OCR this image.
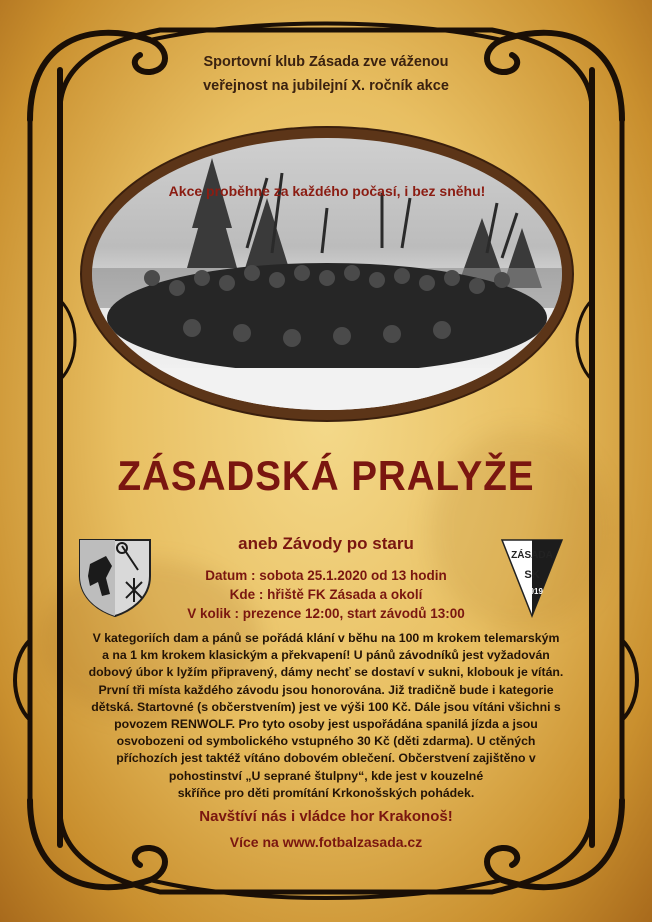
Sportovní klub Zásada zve váženou
veřejnost na jubilejní X. ročník akce
Akce proběhne za každého počasí, i bez sněhu!
ZÁSADSKÁ PRALYŽE
aneb Závody po staru
Datum : sobota 25.1.2020 od 13 hodin
Kde : hřiště FK Zásada a okolí
V kolik : prezence 12:00, start závodů 13:00
ZÁSADA
SK
1919
V kategoriích dam a pánů se pořádá klání v běhu na 100 m krokem telemarským
a na 1 km krokem klasickým a překvapení! U pánů závodníků jest vyžadován
dobový úbor k lyžím připravený, dámy nechť se dostaví v sukni, klobouk je vítán.
První tři místa každého závodu jsou honorována. Již tradičně bude i kategorie
dětská. Startovné (s občerstvením) jest ve výši 100 Kč. Dále jsou vítáni všichni s
povozem RENWOLF. Pro tyto osoby jest uspořádána spanilá jízda a jsou
osvobozeni od symbolického vstupného 30 Kč (děti zdarma). U ctěných
příchozích jest taktéž vítáno dobovém oblečení. Občerstvení zajištěno v
pohostinství „U seprané štulpny“, kde jest v kouzelné
skříňce pro děti promítání Krkonošských pohádek.
Navštíví nás i vládce hor Krakonoš!
Více na www.fotbalzasada.cz
